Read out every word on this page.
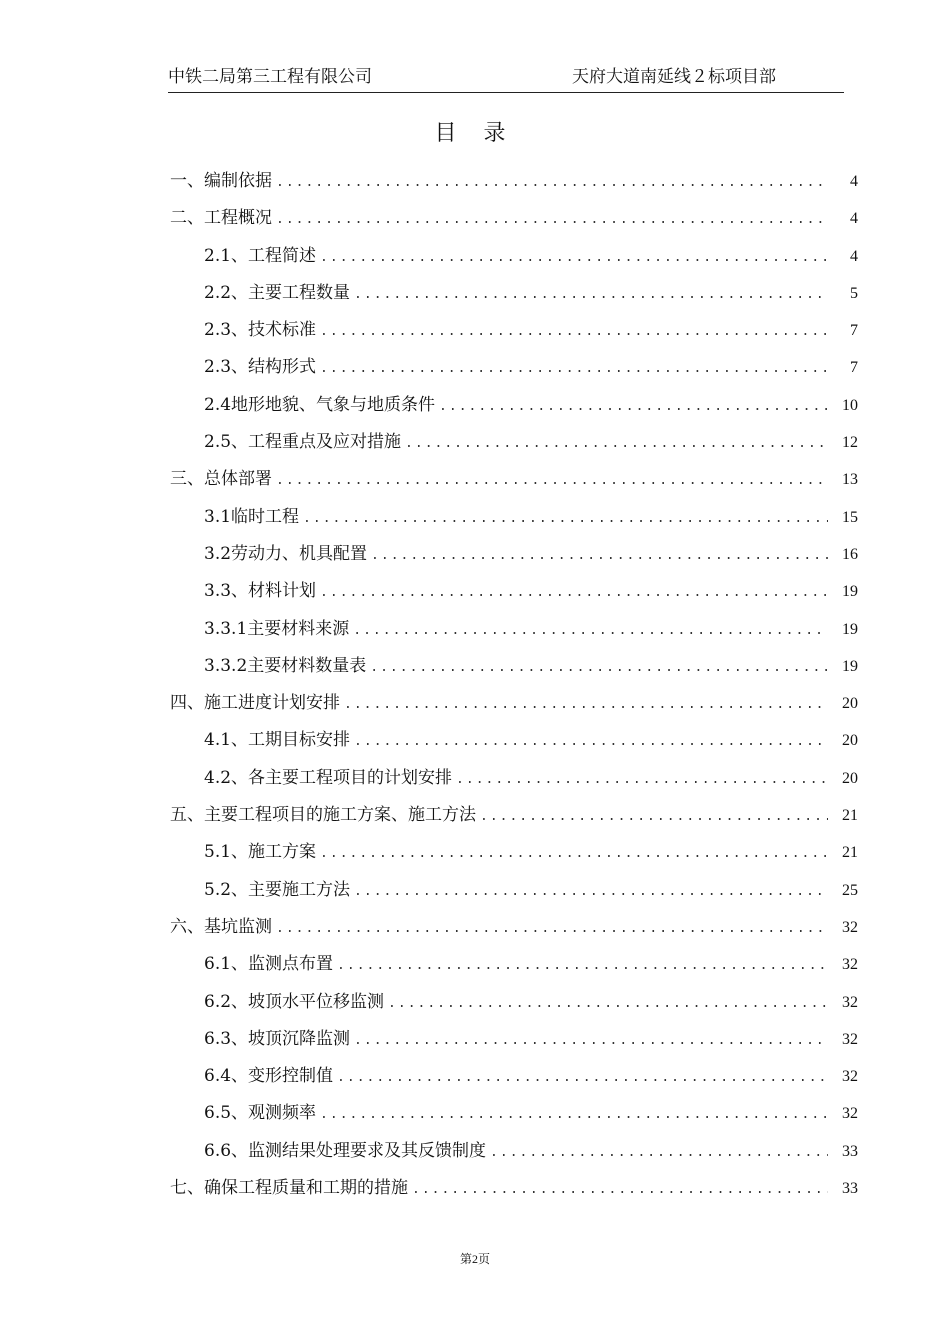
中铁二局第三工程有限公司	天府大道南延线２标项目部
目 录
一、编制依据 .....	4
二、工程概况 .....	4
2.1、工程简述 .....	4
2.2、主要工程数量 .....	5
2.3、技术标准 .....	7
2.3、结构形式 .....	7
2.4地形地貌、气象与地质条件 .....	10
2.5、工程重点及应对措施 .....	12
三、总体部署 .....	13
3.1临时工程 .....	15
3.2劳动力、机具配置 .....	16
3.3、材料计划 .....	19
3.3.1主要材料来源 .....	19
3.3.2主要材料数量表 .....	19
四、施工进度计划安排 .....	20
4.1、工期目标安排 .....	20
4.2、各主要工程项目的计划安排 .....	20
五、主要工程项目的施工方案、施工方法 .....	21
5.1、施工方案 .....	21
5.2、主要施工方法 .....	25
六、基坑监测 .....	32
6.1、监测点布置 .....	32
6.2、坡顶水平位移监测 .....	32
6.3、坡顶沉降监测 .....	32
6.4、变形控制值 .....	32
6.5、观测频率 .....	32
6.6、监测结果处理要求及其反馈制度 .....	33
七、确保工程质量和工期的措施 .....	33
第2页
